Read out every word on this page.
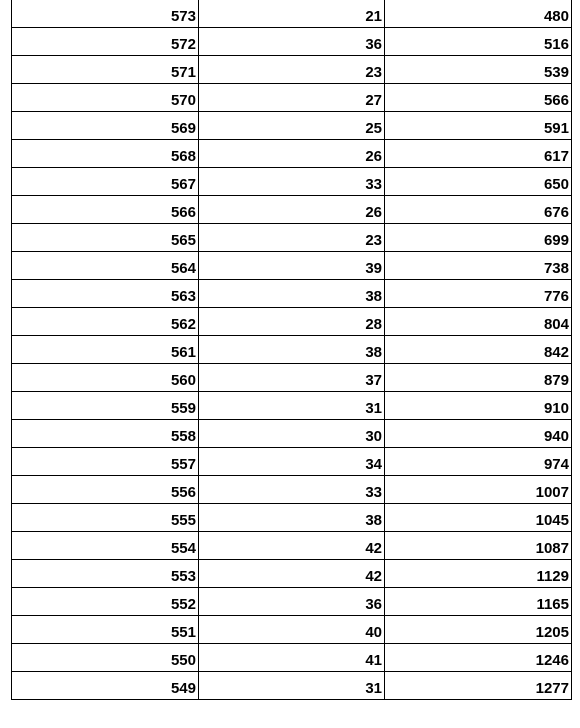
573	21	480
572	36	516
571	23	539
570	27	566
569	25	591
568	26	617
567	33	650
566	26	676
565	23	699
564	39	738
563	38	776
562	28	804
561	38	842
560	37	879
559	31	910
558	30	940
557	34	974
556	33	1007
555	38	1045
554	42	1087
553	42	1129
552	36	1165
551	40	1205
550	41	1246
549	31	1277
